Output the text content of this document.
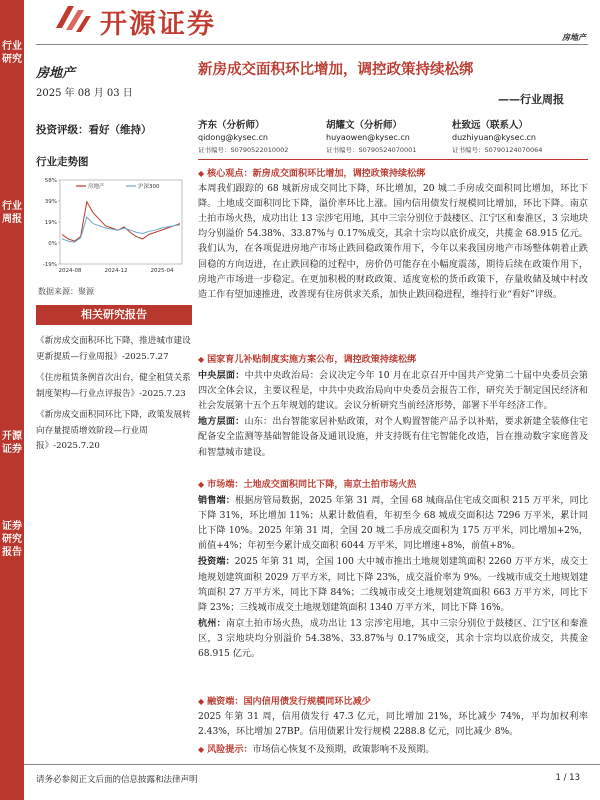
行业研究
行业周报
开源证券
证券研究报告
开源证券	房地产
房地产
2025 年 08 月 03 日
投资评级：看好（维持）
行业走势图
58%
39%
19%
0%
-19%
2024-08	2024-12	2025-04
房地产	沪深300
数据来源：聚源
相关研究报告

《新房成交面积环比下降，推进城市建设更新提质—行业周报》-2025.7.27

《住房租赁条例首次出台，健全租赁关系制度架构—行业点评报告》-2025.7.23

《新房成交面积同环比下降，政策发展转向存量提质增效阶段—行业周报》-2025.7.20

新房成交面积环比增加，调控政策持续松绑
——行业周报
齐东（分析师）
qidong@kysec.cn
证书编号：S0790522010002
胡耀文（分析师）
huyaowen@kysec.cn
证书编号：S0790524070001
杜致远（联系人）
duzhiyuan@kysec.cn
证书编号：S0790124070064

◆ 核心观点：新房成交面积环比增加，调控政策持续松绑

本周我们跟踪的 68 城新房成交同比下降，环比增加，20 城二手房成交面积同比增加，环比下降。土地成交面积同比下降，溢价率环比上涨。国内信用债发行规模同比增加，环比下降。南京土拍市场火热，成功出让 13 宗涉宅用地，其中三宗分别位于鼓楼区、江宁区和秦淮区，3 宗地块均分别溢价 54.38%、33.87%与 0.17%成交，其余十宗均以底价成交，共揽金 68.915 亿元。我们认为，在各项促进房地产市场止跌回稳政策作用下，今年以来我国房地产市场整体朝着止跌回稳的方向迈进，在止跌回稳的过程中，房价仍可能存在小幅度震荡，期待后续在政策作用下，房地产市场进一步稳定。在更加积极的财政政策、适度宽松的货币政策下，存量收储及城中村改造工作有望加速推进，改善现有住房供求关系，加快止跌回稳进程，维持行业“看好”评级。

◆ 国家育儿补贴制度实施方案公布，调控政策持续松绑

中央层面：中共中央政治局：会议决定今年 10 月在北京召开中国共产党第二十届中央委员会第四次全体会议，主要议程是，中共中央政治局向中央委员会报告工作，研究关于制定国民经济和社会发展第十五个五年规划的建议。会议分析研究当前经济形势，部署下半年经济工作。

地方层面：山东：出台智能家居补贴政策，对个人购置智能产品予以补贴，要求新建全装修住宅配备安全监测等基础智能设备及通讯设施，并支持既有住宅智能化改造，旨在推动数字家庭普及和智慧城市建设。

◆ 市场端：土地成交面积同比下降，南京土拍市场火热

销售端：根据房管局数据，2025 年第 31 周，全国 68 城商品住宅成交面积 215 万平米，同比下降 31%，环比增加 11%；从累计数值看，年初至今 68 城成交面积达 7296 万平米，累计同比下降 10%。2025 年第 31 周，全国 20 城二手房成交面积为 175 万平米，同比增加+2%，前值+4%；年初至今累计成交面积 6044 万平米，同比增速+8%，前值+8%。

投资端：2025 年第 31 周，全国 100 大中城市推出土地规划建筑面积 2260 万平方米，成交土地规划建筑面积 2029 万平方米，同比下降 23%，成交溢价率为 9%。一线城市成交土地规划建筑面积 27 万平方米，同比下降 84%；二线城市成交土地规划建筑面积 663 万平方米，同比下降 23%；三线城市成交土地规划建筑面积 1340 万平方米，同比下降 16%。

杭州：南京土拍市场火热，成功出让 13 宗涉宅用地，其中三宗分别位于鼓楼区、江宁区和秦淮区，3 宗地块均分别溢价 54.38%、33.87%与 0.17%成交，其余十宗均以底价成交，共揽金 68.915 亿元。

◆ 融资端：国内信用债发行规模同环比减少

2025 年第 31 周，信用债发行 47.3 亿元，同比增加 21%，环比减少 74%，平均加权利率 2.43%，环比增加 27BP。信用债累计发行规模 2288.8 亿元，同比减少 8%。

◆ 风险提示：市场信心恢复不及预期，政策影响不及预期。

请务必参阅正文后面的信息披露和法律声明	1 / 13
